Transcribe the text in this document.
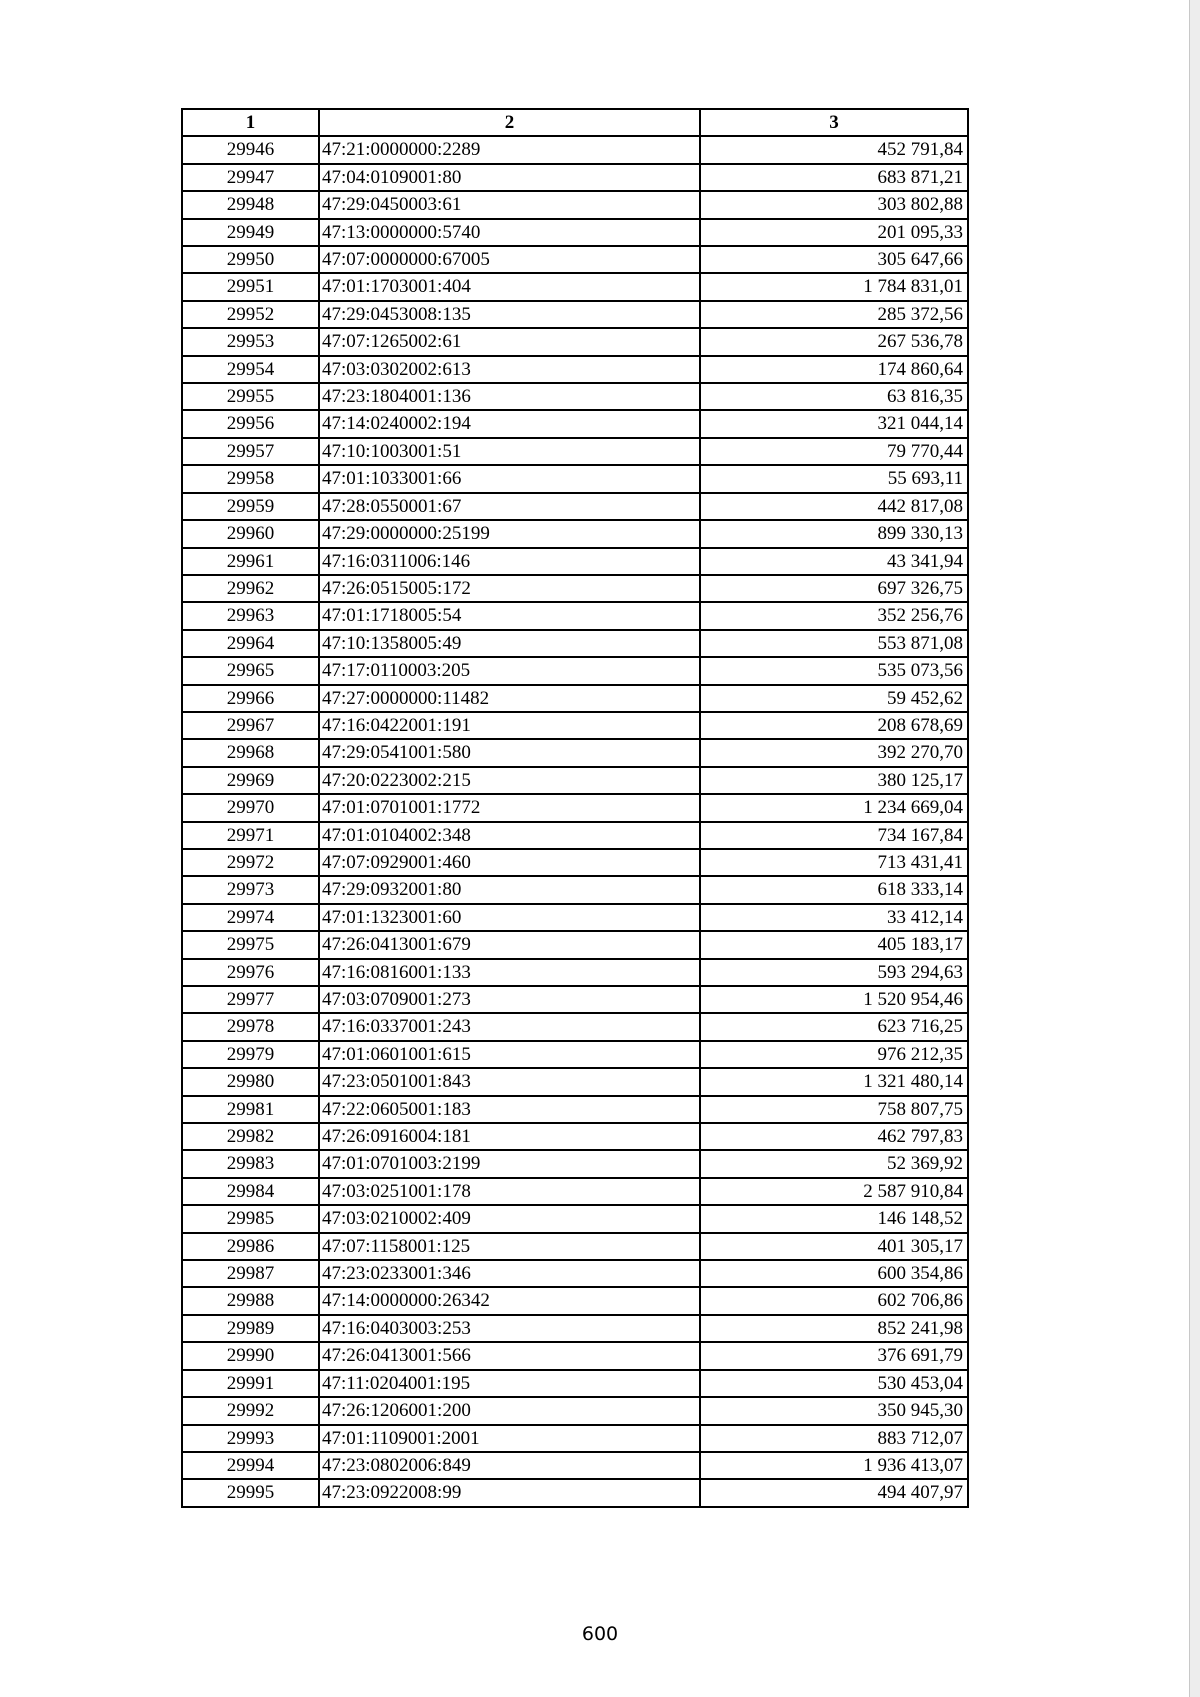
1	2	3
29946	47:21:0000000:2289	452 791,84
29947	47:04:0109001:80	683 871,21
29948	47:29:0450003:61	303 802,88
29949	47:13:0000000:5740	201 095,33
29950	47:07:0000000:67005	305 647,66
29951	47:01:1703001:404	1 784 831,01
29952	47:29:0453008:135	285 372,56
29953	47:07:1265002:61	267 536,78
29954	47:03:0302002:613	174 860,64
29955	47:23:1804001:136	63 816,35
29956	47:14:0240002:194	321 044,14
29957	47:10:1003001:51	79 770,44
29958	47:01:1033001:66	55 693,11
29959	47:28:0550001:67	442 817,08
29960	47:29:0000000:25199	899 330,13
29961	47:16:0311006:146	43 341,94
29962	47:26:0515005:172	697 326,75
29963	47:01:1718005:54	352 256,76
29964	47:10:1358005:49	553 871,08
29965	47:17:0110003:205	535 073,56
29966	47:27:0000000:11482	59 452,62
29967	47:16:0422001:191	208 678,69
29968	47:29:0541001:580	392 270,70
29969	47:20:0223002:215	380 125,17
29970	47:01:0701001:1772	1 234 669,04
29971	47:01:0104002:348	734 167,84
29972	47:07:0929001:460	713 431,41
29973	47:29:0932001:80	618 333,14
29974	47:01:1323001:60	33 412,14
29975	47:26:0413001:679	405 183,17
29976	47:16:0816001:133	593 294,63
29977	47:03:0709001:273	1 520 954,46
29978	47:16:0337001:243	623 716,25
29979	47:01:0601001:615	976 212,35
29980	47:23:0501001:843	1 321 480,14
29981	47:22:0605001:183	758 807,75
29982	47:26:0916004:181	462 797,83
29983	47:01:0701003:2199	52 369,92
29984	47:03:0251001:178	2 587 910,84
29985	47:03:0210002:409	146 148,52
29986	47:07:1158001:125	401 305,17
29987	47:23:0233001:346	600 354,86
29988	47:14:0000000:26342	602 706,86
29989	47:16:0403003:253	852 241,98
29990	47:26:0413001:566	376 691,79
29991	47:11:0204001:195	530 453,04
29992	47:26:1206001:200	350 945,30
29993	47:01:1109001:2001	883 712,07
29994	47:23:0802006:849	1 936 413,07
29995	47:23:0922008:99	494 407,97
600
